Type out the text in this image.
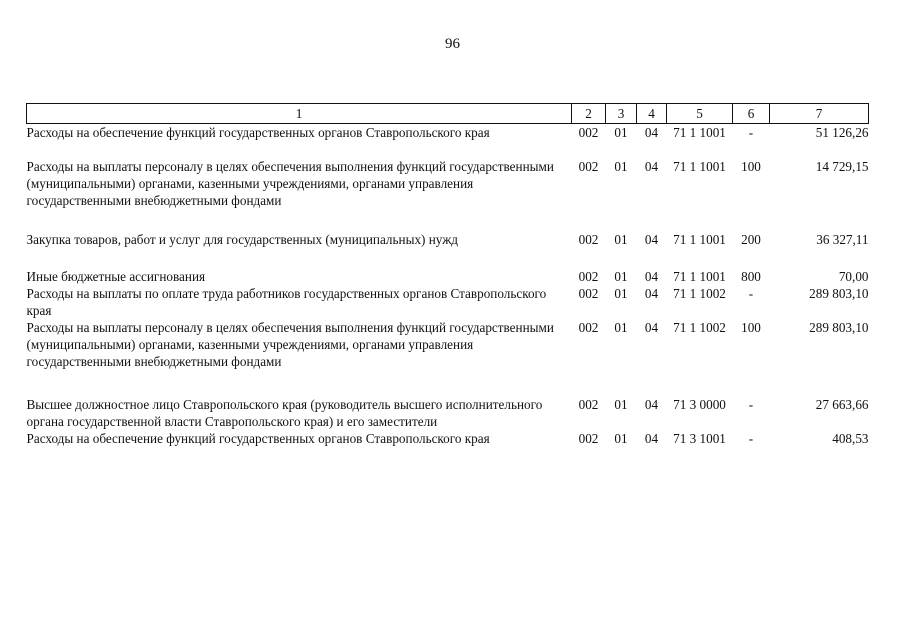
96
1	2	3	4	5	6	7
Расходы на обеспечение функций государственных органов Ставропольского края	002	01	04	71 1 1001	-	51 126,26

Расходы на выплаты персоналу в целях обеспечения выполнения функций государственными (муниципальными) органами, казенными учреждениями, органами управления государственными внебюджетными фондами	002	01	04	71 1 1001	100	14 729,15

Закупка товаров, работ и услуг для государственных (муниципальных) нужд	002	01	04	71 1 1001	200	36 327,11

Иные бюджетные ассигнования	002	01	04	71 1 1001	800	70,00
Расходы на выплаты по оплате труда работников государственных органов Ставропольского края	002	01	04	71 1 1002	-	289 803,10
Расходы на выплаты персоналу в целях обеспечения выполнения функций государственными (муниципальными) органами, казенными учреждениями, органами управления государственными внебюджетными фондами	002	01	04	71 1 1002	100	289 803,10

Высшее должностное лицо Ставропольского края (руководитель высшего исполнительного органа государственной власти Ставропольского края) и его заместители	002	01	04	71 3 0000	-	27 663,66
Расходы на обеспечение функций государственных органов Ставропольского края	002	01	04	71 3 1001	-	408,53
